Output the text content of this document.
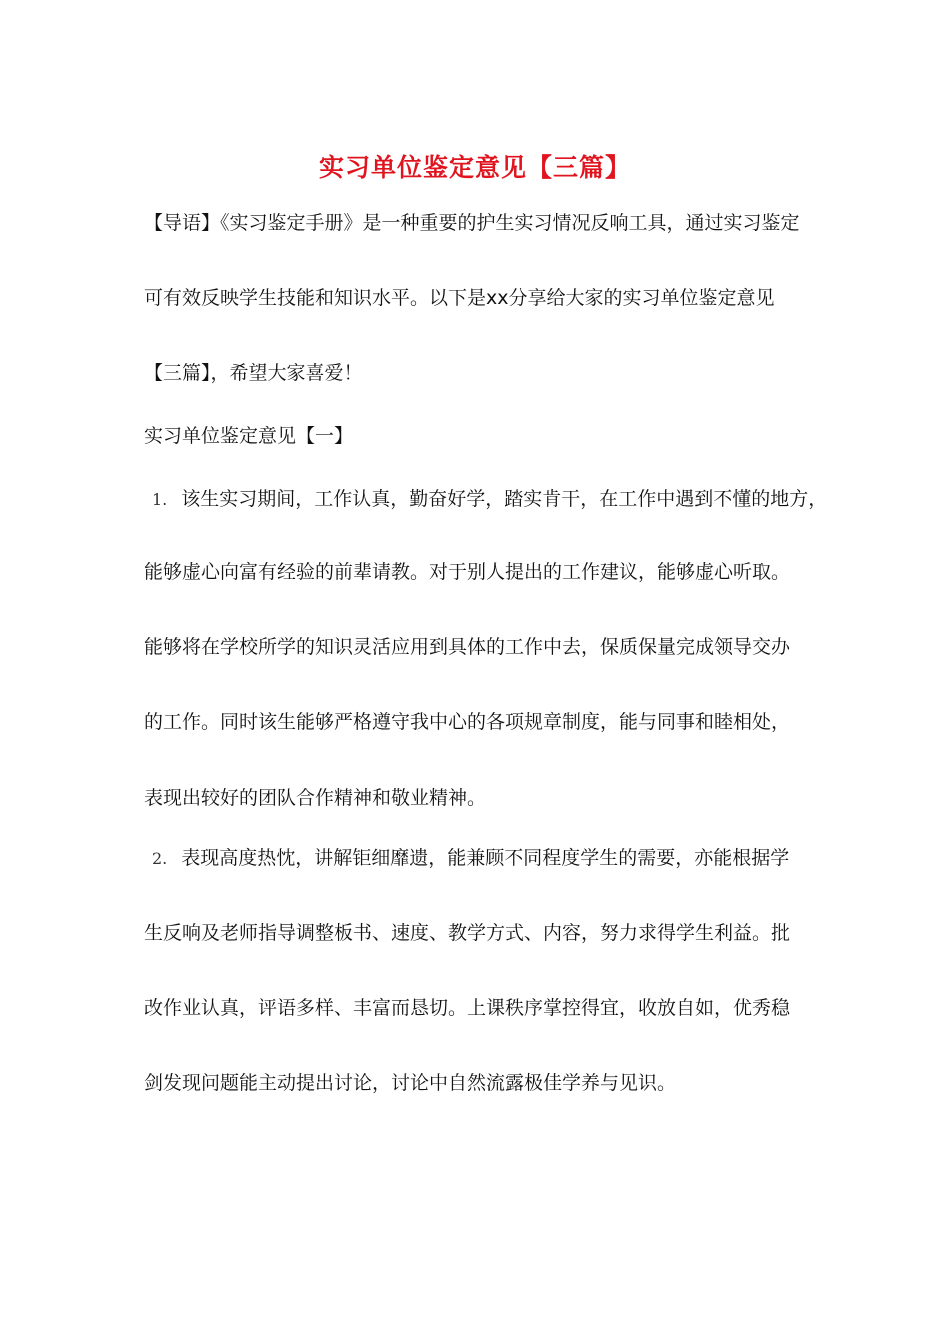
实习单位鉴定意见【三篇】
【导语】《实习鉴定手册》是一种重要的护生实习情况反响工具，通过实习鉴定
可有效反映学生技能和知识水平。以下是xx分享给大家的实习单位鉴定意见
【三篇】，希望大家喜爱！
实习单位鉴定意见【一】
1. 该生实习期间，工作认真，勤奋好学，踏实肯干，在工作中遇到不懂的地方，
能够虚心向富有经验的前辈请教。对于别人提出的工作建议，能够虚心听取。
能够将在学校所学的知识灵活应用到具体的工作中去，保质保量完成领导交办
的工作。同时该生能够严格遵守我中心的各项规章制度，能与同事和睦相处，
表现出较好的团队合作精神和敬业精神。
2. 表现高度热忱，讲解钜细靡遗，能兼顾不同程度学生的需要，亦能根据学
生反响及老师指导调整板书、速度、教学方式、内容，努力求得学生利益。批
改作业认真，评语多样、丰富而恳切。上课秩序掌控得宜，收放自如，优秀稳
剑发现问题能主动提出讨论，讨论中自然流露极佳学养与见识。
